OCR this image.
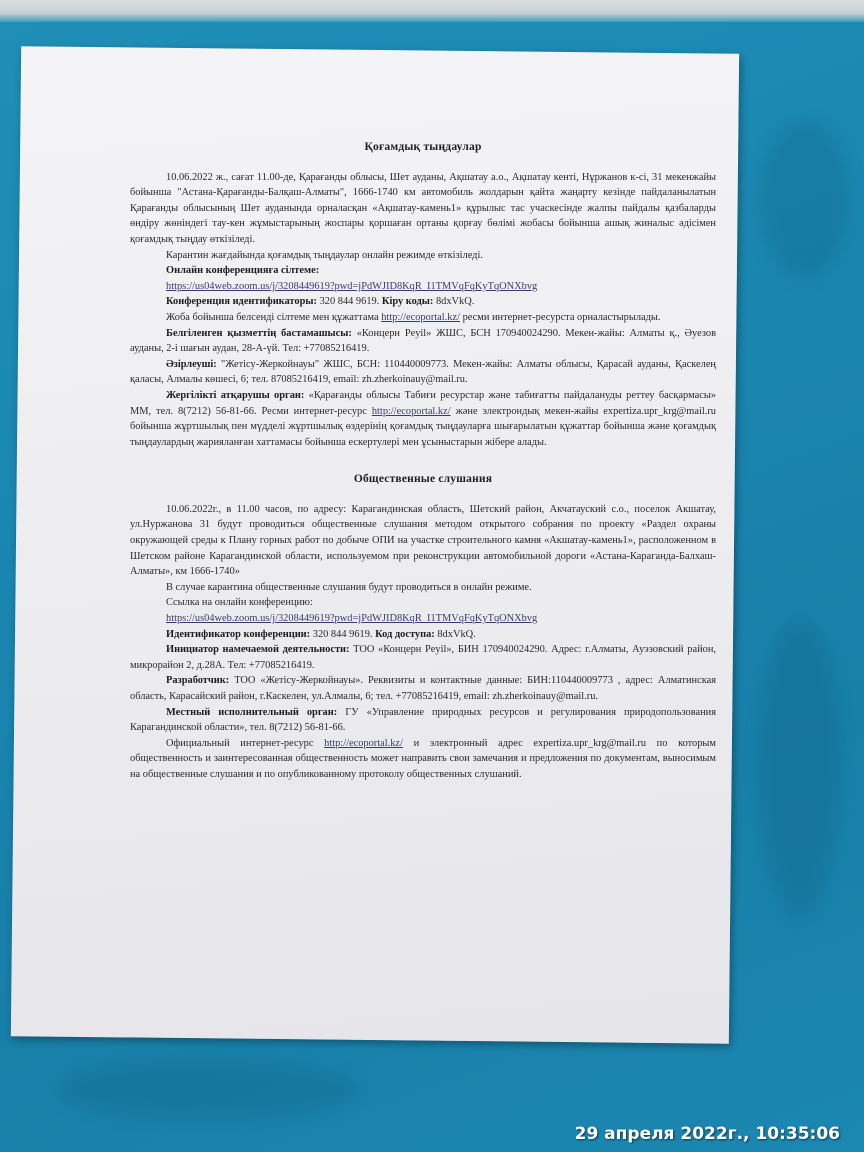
Қоғамдық тыңдаулар

10.06.2022 ж., сағат 11.00-де, Қарағанды облысы, Шет ауданы, Ақшатау а.о., Ақшатау кенті, Нұржанов к-сі, 31 мекенжайы бойынша "Астана-Қарағанды-Балқаш-Алматы", 1666-1740 км автомобиль жолдарын қайта жаңарту кезінде пайдаланылатын Қарағанды облысының Шет ауданында орналасқан «Ақшатау-камень1» құрылыс тас учаскесінде жалпы пайдалы қазбаларды өндіру жөніндегі тау-кен жұмыстарының жоспары қоршаған ортаны қорғау бөлімі жобасы бойынша ашық жиналыс әдісімен қоғамдық тыңдау өткізіледі.

Карантин жағдайында қоғамдық тыңдаулар онлайн режимде өткізіледі.

Онлайн конференцияға сілтеме:

https://us04web.zoom.us/j/3208449619?pwd=jPdWJID8KqR_I1TMVqFqKyTqONXbvg

Конференция идентификаторы: 320 844 9619. Кіру коды: 8dxVkQ.

Жоба бойынша белсенді сілтеме мен құжаттама http://ecoportal.kz/ ресми интернет-ресурста орналастырылады.

Белгіленген қызметтің бастамашысы: «Концерн Peyil» ЖШС, БСН 170940024290. Мекен-жайы: Алматы қ., Әуезов ауданы, 2-і шағын аудан, 28-А-үй. Тел: +77085216419.

Әзірлеуші: "Жетісу-Жеркойнауы" ЖШС, БСН: 110440009773. Мекен-жайы: Алматы облысы, Қарасай ауданы, Қаскелең қаласы, Алмалы көшесі, 6; тел. 87085216419, email: zh.zherkoinauy@mail.ru.

Жергілікті атқарушы орган: «Қарағанды облысы Табиғи ресурстар және табиғатты пайдалануды реттеу басқармасы» ММ, тел. 8(7212) 56-81-66. Ресми интернет-ресурс http://ecoportal.kz/ және электрондық мекен-жайы expertiza.upr_krg@mail.ru бойынша жұртшылық пен мүдделі жұртшылық өздерінің қоғамдық тыңдауларға шығарылатын құжаттар бойынша және қоғамдық тыңдаулардың жарияланған хаттамасы бойынша ескертулері мен ұсыныстарын жібере алады.

Общественные слушания

10.06.2022г., в 11.00 часов, по адресу: Карагандинская область, Шетский район, Акчатауский с.о., поселок Акшатау, ул.Нуржанова 31 будут проводиться общественные слушания методом открытого собрания по проекту «Раздел охраны окружающей среды к Плану горных работ по добыче ОПИ на участке строительного камня «Акшатау-камень1», расположенном в Шетском районе Карагандинской области, используемом при реконструкции автомобильной дороги «Астана-Караганда-Балхаш-Алматы», км 1666-1740»

В случае карантина общественные слушания будут проводиться в онлайн режиме.

Ссылка на онлайн конференцию:

https://us04web.zoom.us/j/3208449619?pwd=jPdWJID8KqR_I1TMVqFqKyTqONXbvg

Идентификатор конференции: 320 844 9619. Код доступа: 8dxVkQ.

Инициатор намечаемой деятельности: ТОО «Концерн Peyil», БИН 170940024290. Адрес: г.Алматы, Ауэзовский район, микрорайон 2, д.28А. Тел: +77085216419.

Разработчик: ТОО «Жетісу-Жеркойнауы». Реквизиты и контактные данные: БИН:110440009773 , адрес: Алматинская область, Карасайский район, г.Каскелен, ул.Алмалы, 6; тел. +77085216419, email: zh.zherkoinauy@mail.ru.

Местный исполнительный орган: ГУ «Управление природных ресурсов и регулирования природопользования Карагандинской области», тел. 8(7212) 56-81-66.

Официальный интернет-ресурс http://ecoportal.kz/ и электронный адрес expertiza.upr_krg@mail.ru по которым общественность и заинтересованная общественность может направить свои замечания и предложения по документам, выносимым на общественные слушания и по опубликованному протоколу общественных слушаний.

29 апреля 2022г., 10:35:06
